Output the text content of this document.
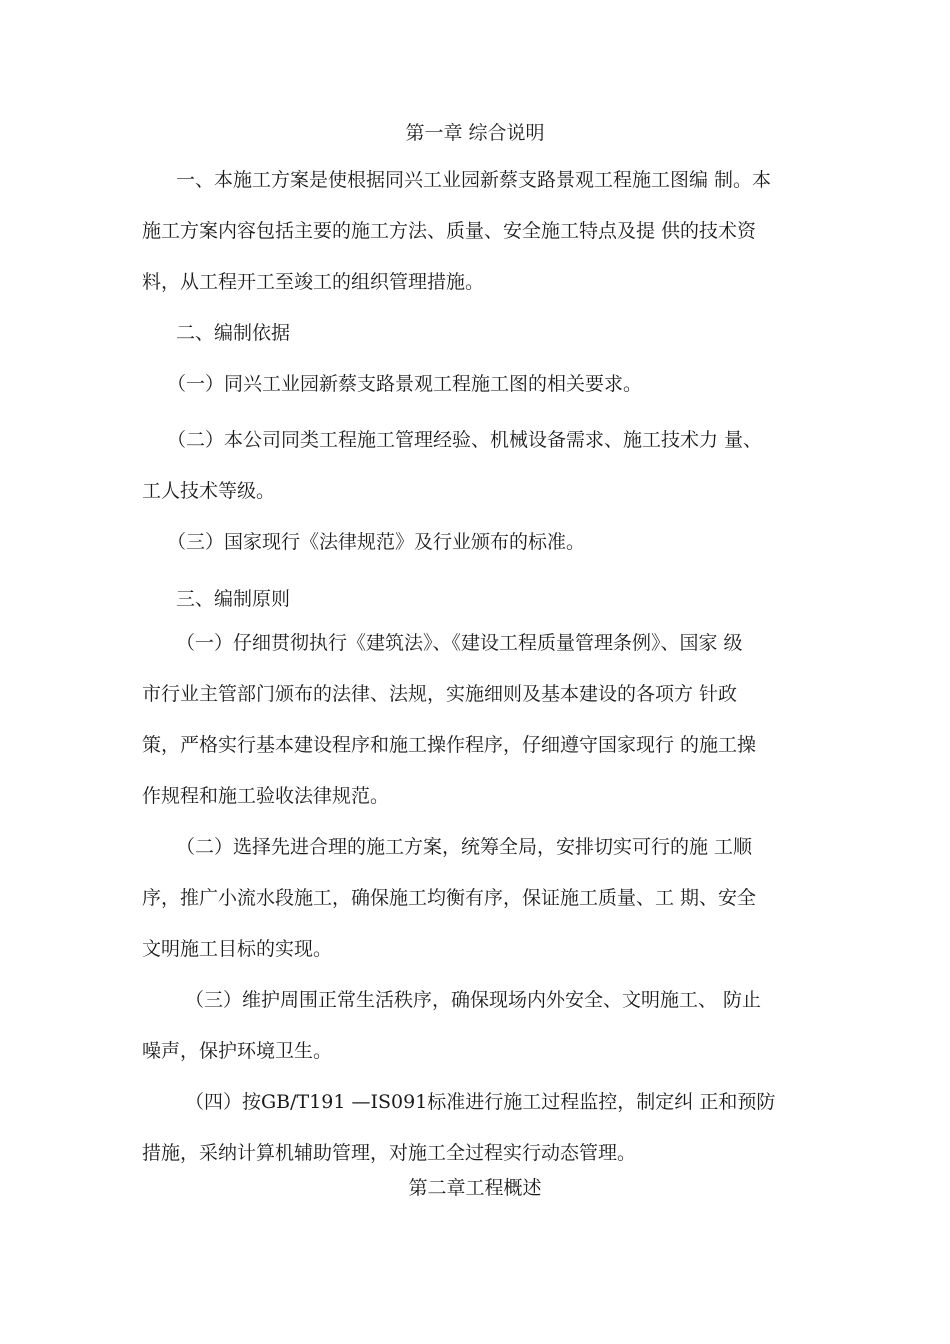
第一章 综合说明
一、本施工方案是使根据同兴工业园新蔡支路景观工程施工图编 制。本
施工方案内容包括主要的施工方法、质量、安全施工特点及提 供的技术资
料，从工程开工至竣工的组织管理措施。
二、编制依据
（一）同兴工业园新蔡支路景观工程施工图的相关要求。
（二）本公司同类工程施工管理经验、机械设备需求、施工技术力 量、
工人技术等级。
（三）国家现行《法律规范》及行业颁布的标准。
三、编制原则
（一）仔细贯彻执行《建筑法》、《建设工程质量管理条例》、国家 级
市行业主管部门颁布的法律、法规，实施细则及基本建设的各项方 针政
策，严格实行基本建设程序和施工操作程序，仔细遵守国家现行 的施工操
作规程和施工验收法律规范。
（二）选择先进合理的施工方案，统筹全局，安排切实可行的施 工顺
序，推广小流水段施工，确保施工均衡有序，保证施工质量、工 期、安全
文明施工目标的实现。
（三）维护周围正常生活秩序，确保现场内外安全、文明施工、 防止
噪声，保护环境卫生。
（四）按GB/T191 —IS091标准进行施工过程监控，制定纠 正和预防
措施，采纳计算机辅助管理，对施工全过程实行动态管理。
第二章工程概述
